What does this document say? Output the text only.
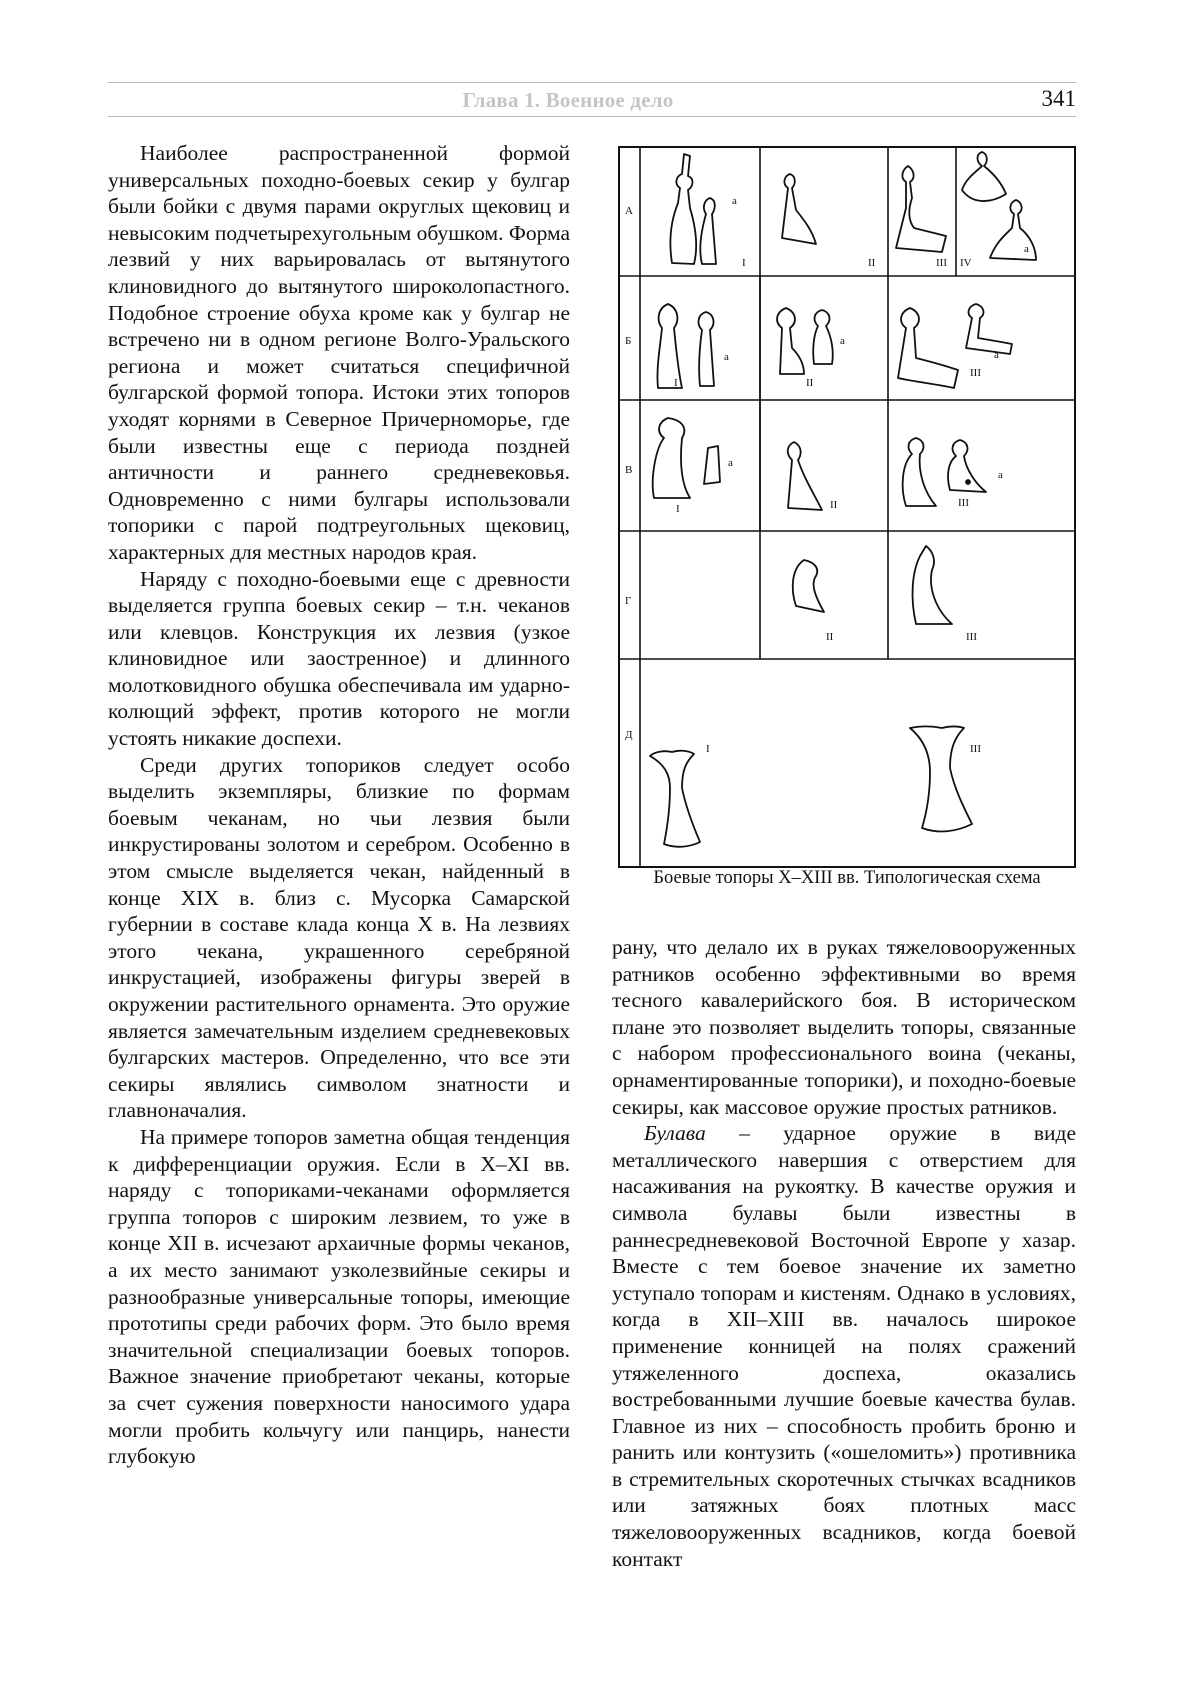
Глава 1. Военное дело	341

Наиболее распространенной формой универсальных походно-боевых секир у булгар были бойки с двумя парами округлых щековиц и невысоким подчетырехугольным обушком. Форма лезвий у них варьировалась от вытянутого клиновидного до вытянутого широколопастного. Подобное строение обуха кроме как у булгар не встречено ни в одном регионе Волго-Уральского региона и может считаться специфичной булгарской формой топора. Истоки этих топоров уходят корнями в Северное Причерноморье, где были известны еще с периода поздней античности и раннего средневековья. Одновременно с ними булгары использовали топорики с парой подтреугольных щековиц, характерных для местных народов края.

Наряду с походно-боевыми еще с древности выделяется группа боевых секир – т.н. чеканов или клевцов. Конструкция их лезвия (узкое клиновидное или заостренное) и длинного молотковидного обушка обеспечивала им ударно-колющий эффект, против которого не могли устоять никакие доспехи.

Среди других топориков следует особо выделить экземпляры, близкие по формам боевым чеканам, но чьи лезвия были инкрустированы золотом и серебром. Особенно в этом смысле выделяется чекан, найденный в конце XIX в. близ с. Мусорка Самарской губернии в составе клада конца X в. На лезвиях этого чекана, украшенного серебряной инкрустацией, изображены фигуры зверей в окружении растительного орнамента. Это оружие является замечательным изделием средневековых булгарских мастеров. Определенно, что все эти секиры являлись символом знатности и главноначалия.

На примере топоров заметна общая тенденция к дифференциации оружия. Если в X–XI вв. наряду с топориками-чеканами оформляется группа топоров с широким лезвием, то уже в конце XII в. исчезают архаичные формы чеканов, а их место занимают узколезвийные секиры и разнообразные универсальные топоры, имеющие прототипы среди рабочих форм. Это было время значительной специализации боевых топоров. Важное значение приобретают чеканы, которые за счет сужения поверхности наносимого удара могли пробить кольчугу или панцирь, нанести глубокую

А
Б
В
Г
Д
I	II	III IV
а
а
I	II
III
а
а
а
I	II	III
а
а
II	III
I	III
Боевые топоры Х–XIII вв. Типологическая схема

рану, что делало их в руках тяжеловооруженных ратников особенно эффективными во время тесного кавалерийского боя. В историческом плане это позволяет выделить топоры, связанные с набором профессионального воина (чеканы, орнаментированные топорики), и походно-боевые секиры, как массовое оружие простых ратников.

Булава – ударное оружие в виде металлического навершия с отверстием для насаживания на рукоятку. В качестве оружия и символа булавы были известны в раннесредневековой Восточной Европе у хазар. Вместе с тем боевое значение их заметно уступало топорам и кистеням. Однако в условиях, когда в XII–XIII вв. началось широкое применение конницей на полях сражений утяжеленного доспеха, оказались востребованными лучшие боевые качества булав. Главное из них – способность пробить броню и ранить или контузить («ошеломить») противника в стремительных скоротечных стычках всадников или затяжных боях плотных масс тяжеловооруженных всадников, когда боевой контакт
